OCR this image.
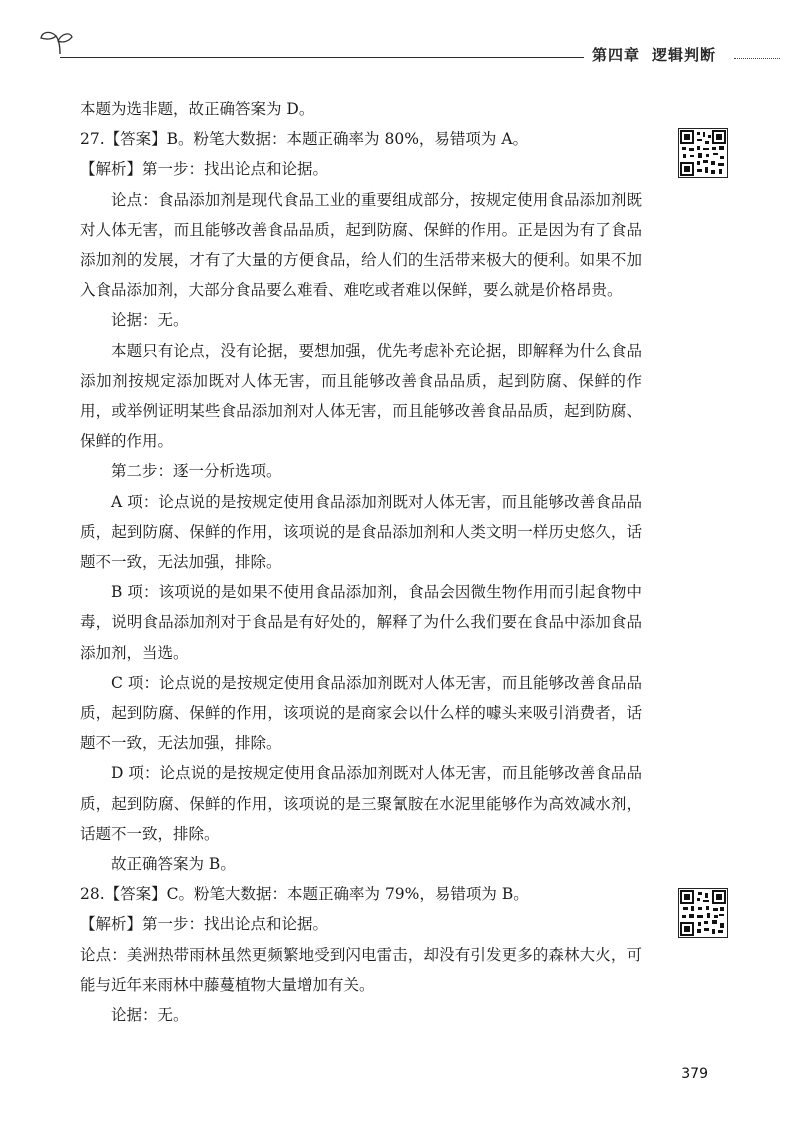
第四章 逻辑判断

本题为选非题，故正确答案为 D。

27.【答案】B。粉笔大数据：本题正确率为 80%，易错项为 A。

【解析】第一步：找出论点和论据。

论点：食品添加剂是现代食品工业的重要组成部分，按规定使用食品添加剂既对人体无害，而且能够改善食品品质，起到防腐、保鲜的作用。正是因为有了食品添加剂的发展，才有了大量的方便食品，给人们的生活带来极大的便利。如果不加入食品添加剂，大部分食品要么难看、难吃或者难以保鲜，要么就是价格昂贵。

论据：无。

本题只有论点，没有论据，要想加强，优先考虑补充论据，即解释为什么食品添加剂按规定添加既对人体无害，而且能够改善食品品质，起到防腐、保鲜的作用，或举例证明某些食品添加剂对人体无害，而且能够改善食品品质，起到防腐、保鲜的作用。

第二步：逐一分析选项。

A 项：论点说的是按规定使用食品添加剂既对人体无害，而且能够改善食品品质，起到防腐、保鲜的作用，该项说的是食品添加剂和人类文明一样历史悠久，话题不一致，无法加强，排除。

B 项：该项说的是如果不使用食品添加剂，食品会因微生物作用而引起食物中毒，说明食品添加剂对于食品是有好处的，解释了为什么我们要在食品中添加食品添加剂，当选。

C 项：论点说的是按规定使用食品添加剂既对人体无害，而且能够改善食品品质，起到防腐、保鲜的作用，该项说的是商家会以什么样的噱头来吸引消费者，话题不一致，无法加强，排除。

D 项：论点说的是按规定使用食品添加剂既对人体无害，而且能够改善食品品质，起到防腐、保鲜的作用，该项说的是三聚氰胺在水泥里能够作为高效减水剂，话题不一致，排除。

故正确答案为 B。

28.【答案】C。粉笔大数据：本题正确率为 79%，易错项为 B。

【解析】第一步：找出论点和论据。

论点：美洲热带雨林虽然更频繁地受到闪电雷击，却没有引发更多的森林大火，可能与近年来雨林中藤蔓植物大量增加有关。

论据：无。

379
